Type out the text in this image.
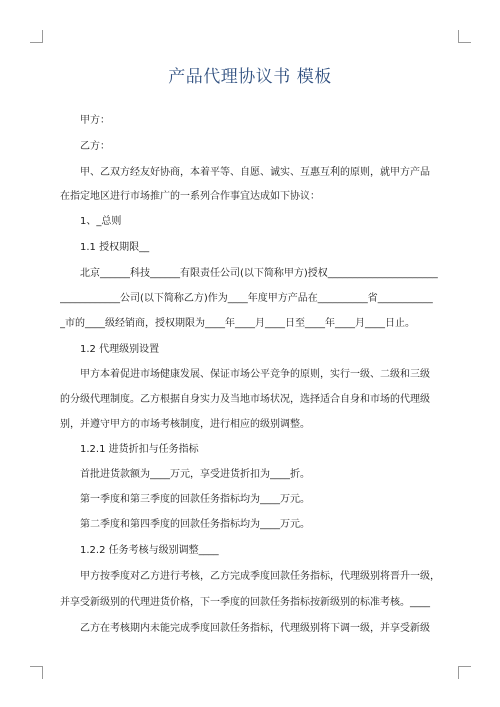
产品代理协议书 模板
甲方：
乙方：
甲、乙双方经友好协商，本着平等、自愿、诚实、互惠互利的原则，就甲方产品
在指定地区进行市场推广的一系列合作事宜达成如下协议：
1、_总则
1.1 授权期限__
北京______科技______有限责任公司(以下简称甲方)授权______________________
____________公司(以下简称乙方)作为____年度甲方产品在__________省___________
_市的____级经销商，授权期限为____年____月____日至____年____月____日止。
1.2 代理级别设置
甲方本着促进市场健康发展、保证市场公平竞争的原则，实行一级、二级和三级
的分级代理制度。乙方根据自身实力及当地市场状况，选择适合自身和市场的代理级
别，并遵守甲方的市场考核制度，进行相应的级别调整。
1.2.1 进货折扣与任务指标
首批进货款额为____万元，享受进货折扣为____折。
第一季度和第三季度的回款任务指标均为____万元。
第二季度和第四季度的回款任务指标均为____万元。
1.2.2 任务考核与级别调整____
甲方按季度对乙方进行考核，乙方完成季度回款任务指标，代理级别将晋升一级，
并享受新级别的代理进货价格，下一季度的回款任务指标按新级别的标准考核。____
乙方在考核期内未能完成季度回款任务指标，代理级别将下调一级，并享受新级
